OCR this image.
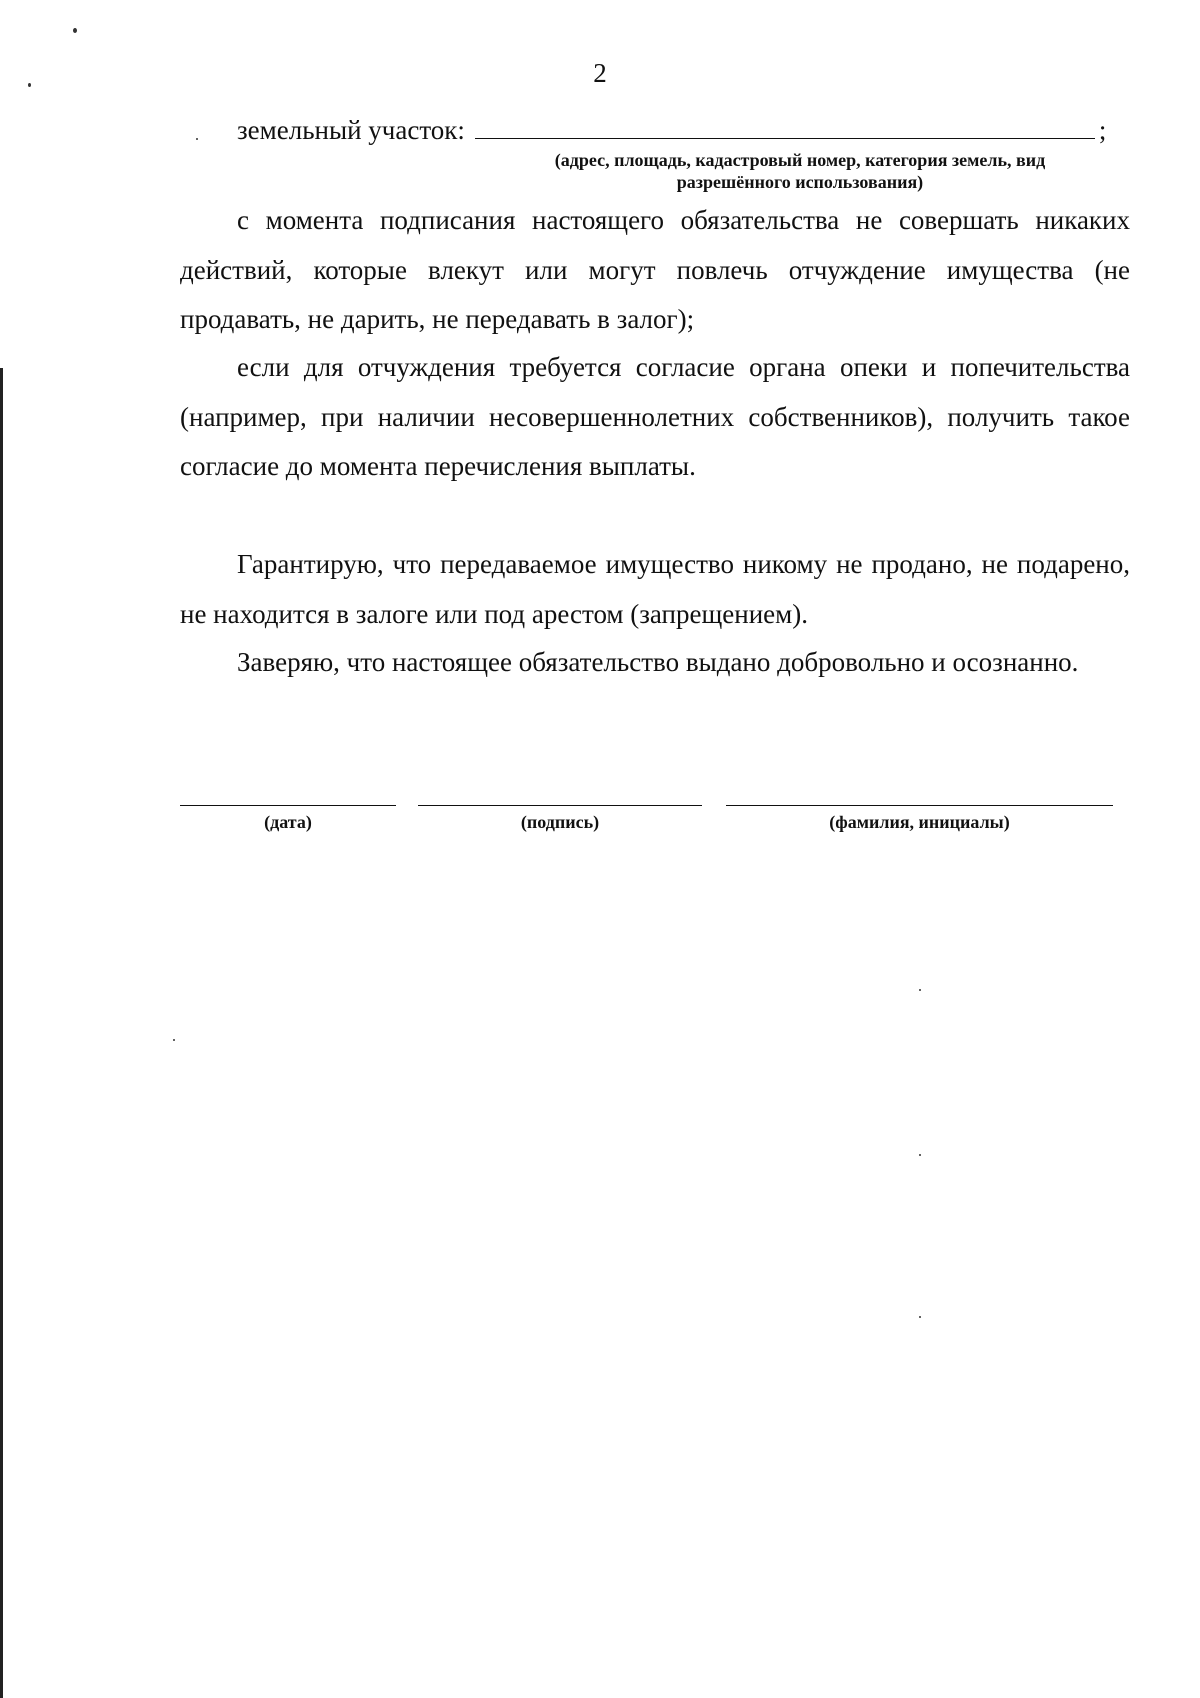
2
земельный участок:	;
(адрес, площадь, кадастровый номер, категория земель, вид разрешённого использования)

с момента подписания настоящего обязательства не совершать никаких действий, которые влекут или могут повлечь отчуждение имущества (не продавать, не дарить, не передавать в залог);

если для отчуждения требуется согласие органа опеки и попечительства (например, при наличии несовершеннолетних собственников), получить такое согласие до момента перечисления выплаты.

Гарантирую, что передаваемое имущество никому не продано, не подарено, не находится в залоге или под арестом (запрещением).

Заверяю, что настоящее обязательство выдано добровольно и осознанно.

(дата)	(подпись)	(фамилия, инициалы)
